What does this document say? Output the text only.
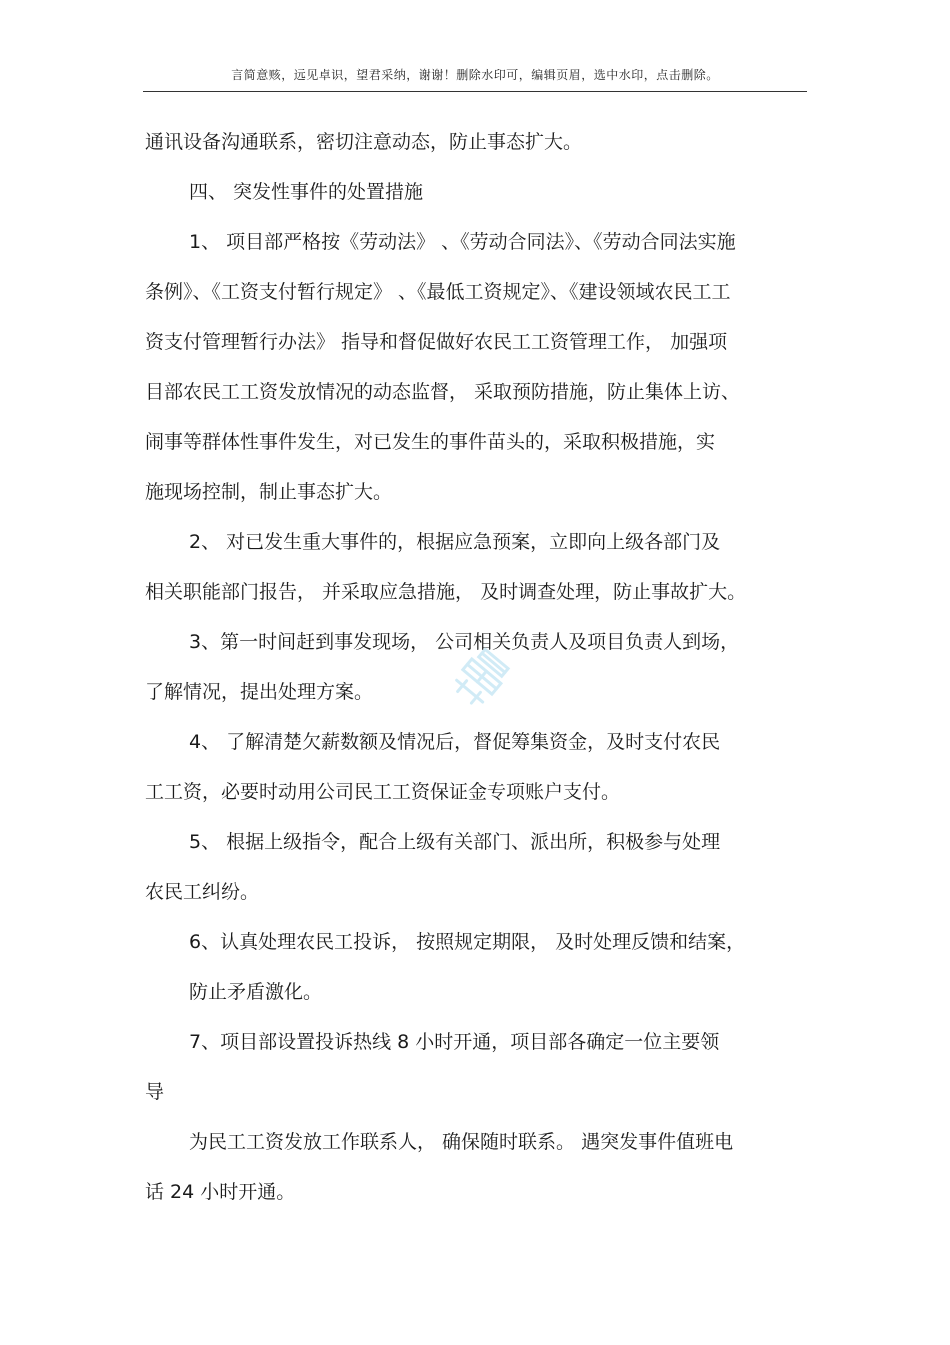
言简意赅，远见卓识，望君采纳，谢谢！删除水印可，编辑页眉，选中水印，点击删除。
通讯设备沟通联系，密切注意动态，防止事态扩大。
四、 突发性事件的处置措施
1、 项目部严格按《劳动法》 、《劳动合同法》、《劳动合同法实施
条例》、《工资支付暂行规定》 、《最低工资规定》、《建设领域农民工工
资支付管理暂行办法》 指导和督促做好农民工工资管理工作， 加强项
目部农民工工资发放情况的动态监督， 采取预防措施，防止集体上访、
闹事等群体性事件发生，对已发生的事件苗头的，采取积极措施，实
施现场控制，制止事态扩大。
2、 对已发生重大事件的，根据应急预案，立即向上级各部门及
相关职能部门报告， 并采取应急措施， 及时调查处理，防止事故扩大。
3、第一时间赶到事发现场， 公司相关负责人及项目负责人到场，
了解情况，提出处理方案。
4、 了解清楚欠薪数额及情况后，督促筹集资金，及时支付农民
工工资，必要时动用公司民工工资保证金专项账户支付。
5、 根据上级指令，配合上级有关部门、派出所，积极参与处理
农民工纠纷。
6、认真处理农民工投诉， 按照规定期限， 及时处理反馈和结案，
防止矛盾激化。
7、项目部设置投诉热线 8 小时开通，项目部各确定一位主要领
导
为民工工资发放工作联系人， 确保随时联系。 遇突发事件值班电
话 24 小时开通。
